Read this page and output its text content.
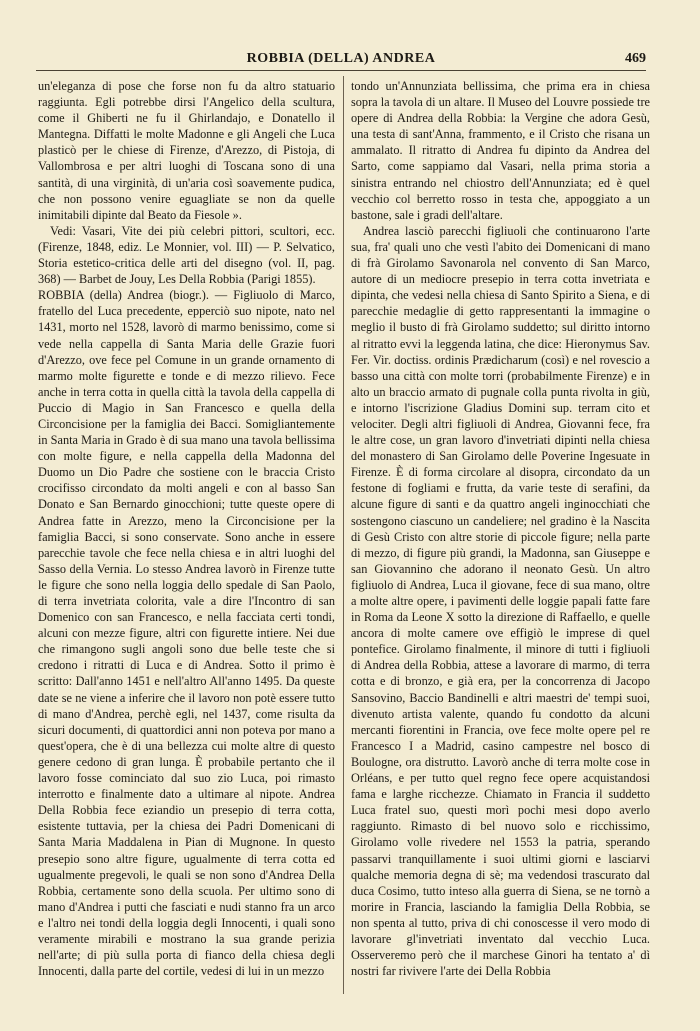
ROBBIA (DELLA) ANDREA	469

un'eleganza di pose che forse non fu da altro statuario raggiunta. Egli potrebbe dirsi l'Angelico della scultura, come il Ghiberti ne fu il Ghirlandajo, e Donatello il Mantegna. Diffatti le molte Madonne e gli Angeli che Luca plasticò per le chiese di Firenze, d'Arezzo, di Pistoja, di Vallombrosa e per altri luoghi di Toscana sono di una santità, di una virginità, di un'aria così soavemente pudica, che non possono venire eguagliate se non da quelle inimitabili dipinte dal Beato da Fiesole ».

Vedi: Vasari, Vite dei più celebri pittori, scultori, ecc. (Firenze, 1848, ediz. Le Monnier, vol. III) — P. Selvatico, Storia estetico-critica delle arti del disegno (vol. II, pag. 368) — Barbet de Jouy, Les Della Robbia (Parigi 1855).

ROBBIA (della) Andrea (biogr.). — Figliuolo di Marco, fratello del Luca precedente, epperciò suo nipote, nato nel 1431, morto nel 1528, lavorò di marmo benissimo, come si vede nella cappella di Santa Maria delle Grazie fuori d'Arezzo, ove fece pel Comune in un grande ornamento di marmo molte figurette e tonde e di mezzo rilievo. Fece anche in terra cotta in quella città la tavola della cappella di Puccio di Magio in San Francesco e quella della Circoncisione per la famiglia dei Bacci. Somigliantemente in Santa Maria in Grado è di sua mano una tavola bellissima con molte figure, e nella cappella della Madonna del Duomo un Dio Padre che sostiene con le braccia Cristo crocifisso circondato da molti angeli e con al basso San Donato e San Bernardo ginocchioni; tutte queste opere di Andrea fatte in Arezzo, meno la Circoncisione per la famiglia Bacci, si sono conservate. Sono anche in essere parecchie tavole che fece nella chiesa e in altri luoghi del Sasso della Vernia. Lo stesso Andrea lavorò in Firenze tutte le figure che sono nella loggia dello spedale di San Paolo, di terra invetriata colorita, vale a dire l'Incontro di san Domenico con san Francesco, e nella facciata certi tondi, alcuni con mezze figure, altri con figurette intiere. Nei due che rimangono sugli angoli sono due belle teste che si credono i ritratti di Luca e di Andrea. Sotto il primo è scritto: Dall'anno 1451 e nell'altro All'anno 1495. Da queste date se ne viene a inferire che il lavoro non potè essere tutto di mano d'Andrea, perchè egli, nel 1437, come risulta da sicuri documenti, di quattordici anni non poteva por mano a quest'opera, che è di una bellezza cui molte altre di questo genere cedono di gran lunga. È probabile pertanto che il lavoro fosse cominciato dal suo zio Luca, poi rimasto interrotto e finalmente dato a ultimare al nipote. Andrea Della Robbia fece eziandio un presepio di terra cotta, esistente tuttavia, per la chiesa dei Padri Domenicani di Santa Maria Maddalena in Pian di Mugnone. In questo presepio sono altre figure, ugualmente di terra cotta ed ugualmente pregevoli, le quali se non sono d'Andrea Della Robbia, certamente sono della scuola. Per ultimo sono di mano d'Andrea i putti che fasciati e nudi stanno fra un arco e l'altro nei tondi della loggia degli Innocenti, i quali sono veramente mirabili e mostrano la sua grande perizia nell'arte; di più sulla porta di fianco della chiesa degli Innocenti, dalla parte del cortile, vedesi di lui in un mezzo

tondo un'Annunziata bellissima, che prima era in chiesa sopra la tavola di un altare. Il Museo del Louvre possiede tre opere di Andrea della Robbia: la Vergine che adora Gesù, una testa di sant'Anna, frammento, e il Cristo che risana un ammalato. Il ritratto di Andrea fu dipinto da Andrea del Sarto, come sappiamo dal Vasari, nella prima storia a sinistra entrando nel chiostro dell'Annunziata; ed è quel vecchio col berretto rosso in testa che, appoggiato a un bastone, sale i gradi dell'altare.

Andrea lasciò parecchi figliuoli che continuarono l'arte sua, fra' quali uno che vestì l'abito dei Domenicani di mano di frà Girolamo Savonarola nel convento di San Marco, autore di un mediocre presepio in terra cotta invetriata e dipinta, che vedesi nella chiesa di Santo Spirito a Siena, e di parecchie medaglie di getto rappresentanti la immagine o meglio il busto di frà Girolamo suddetto; sul diritto intorno al ritratto evvi la leggenda latina, che dice: Hieronymus Sav. Fer. Vir. doctiss. ordinis Prædicharum (così) e nel rovescio a basso una città con molte torri (probabilmente Firenze) e in alto un braccio armato di pugnale colla punta rivolta in giù, e intorno l'iscrizione Gladius Domini sup. terram cito et velociter. Degli altri figliuoli di Andrea, Giovanni fece, fra le altre cose, un gran lavoro d'invetriati dipinti nella chiesa del monastero di San Girolamo delle Poverine Ingesuate in Firenze. È di forma circolare al disopra, circondato da un festone di fogliami e frutta, da varie teste di serafini, da alcune figure di santi e da quattro angeli inginocchiati che sostengono ciascuno un candeliere; nel gradino è la Nascita di Gesù Cristo con altre storie di piccole figure; nella parte di mezzo, di figure più grandi, la Madonna, san Giuseppe e san Giovannino che adorano il neonato Gesù. Un altro figliuolo di Andrea, Luca il giovane, fece di sua mano, oltre a molte altre opere, i pavimenti delle loggie papali fatte fare in Roma da Leone X sotto la direzione di Raffaello, e quelle ancora di molte camere ove effigiò le imprese di quel pontefice. Girolamo finalmente, il minore di tutti i figliuoli di Andrea della Robbia, attese a lavorare di marmo, di terra cotta e di bronzo, e già era, per la concorrenza di Jacopo Sansovino, Baccio Bandinelli e altri maestri de' tempi suoi, divenuto artista valente, quando fu condotto da alcuni mercanti fiorentini in Francia, ove fece molte opere pel re Francesco I a Madrid, casino campestre nel bosco di Boulogne, ora distrutto. Lavorò anche di terra molte cose in Orléans, e per tutto quel regno fece opere acquistandosi fama e larghe ricchezze. Chiamato in Francia il suddetto Luca fratel suo, questi morì pochi mesi dopo averlo raggiunto. Rimasto di bel nuovo solo e ricchissimo, Girolamo volle rivedere nel 1553 la patria, sperando passarvi tranquillamente i suoi ultimi giorni e lasciarvi qualche memoria degna di sè; ma vedendosi trascurato dal duca Cosimo, tutto inteso alla guerra di Siena, se ne tornò a morire in Francia, lasciando la famiglia Della Robbia, se non spenta al tutto, priva di chi conoscesse il vero modo di lavorare gl'invetriati inventato dal vecchio Luca. Osserveremo però che il marchese Ginori ha tentato a' dì nostri far rivivere l'arte dei Della Robbia
